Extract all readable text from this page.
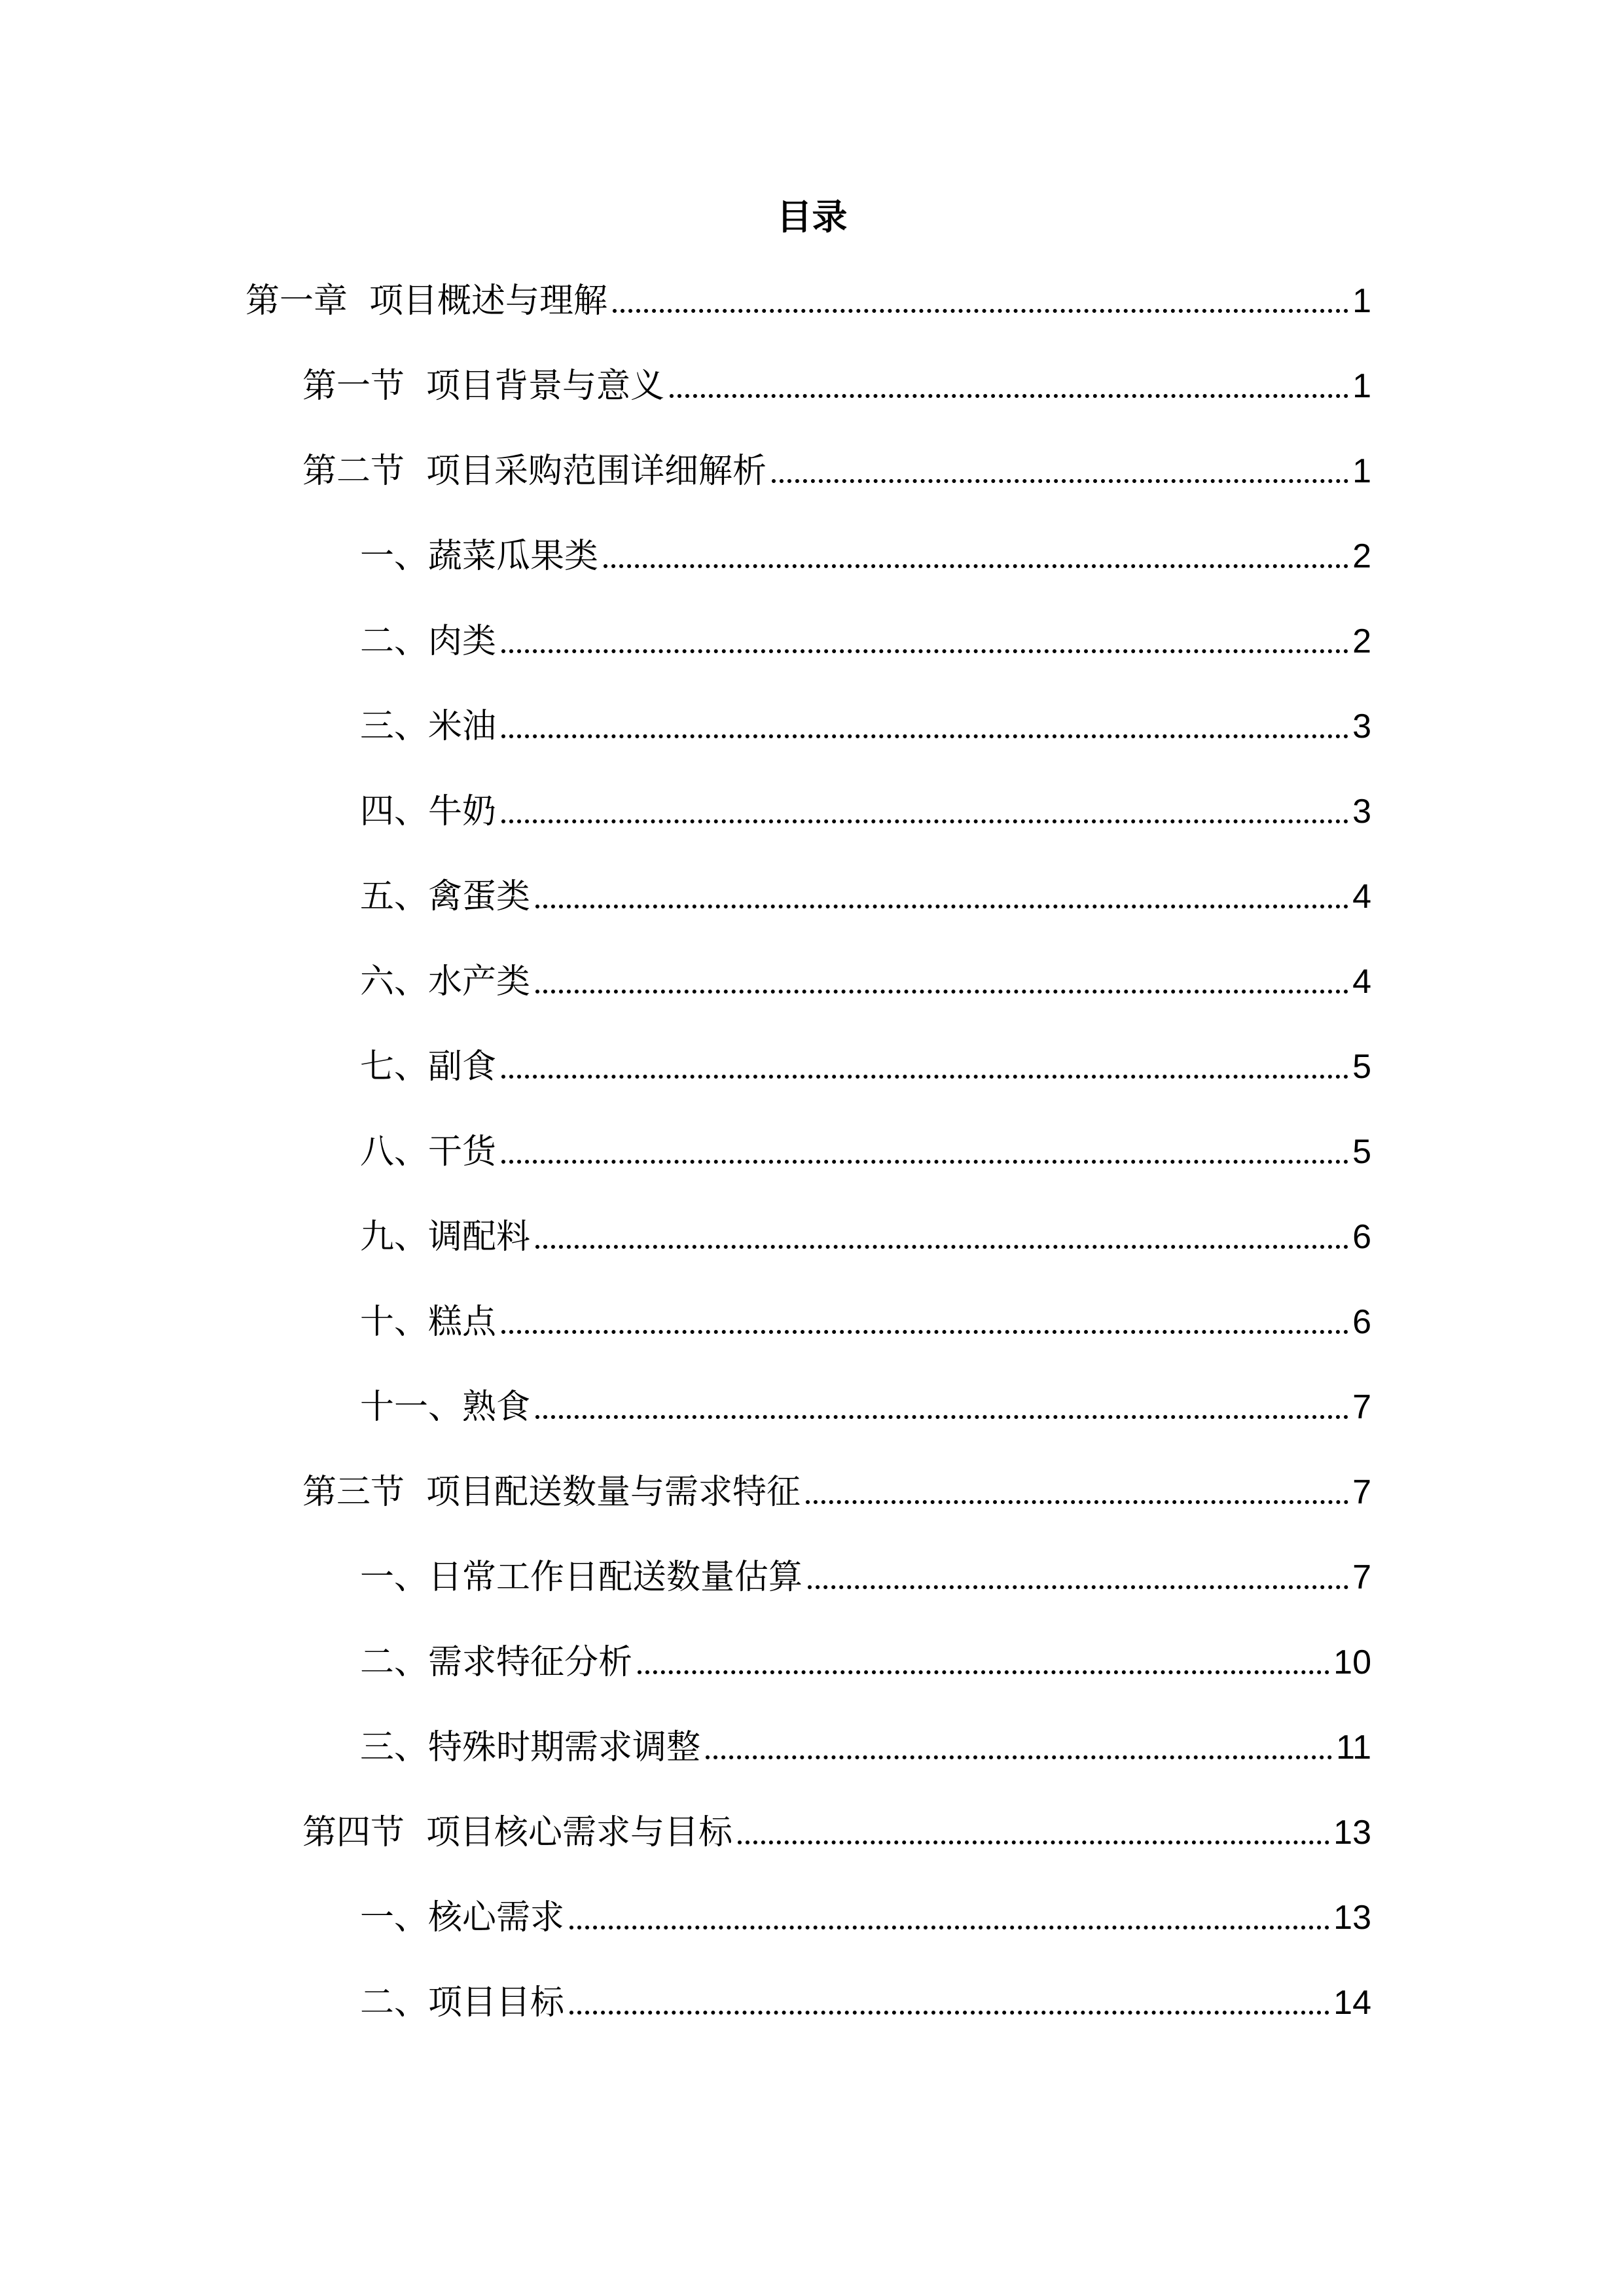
目录
第一章  项目概述与理解	1
第一节  项目背景与意义	1
第二节  项目采购范围详细解析	1
一、蔬菜瓜果类	2
二、肉类	2
三、米油	3
四、牛奶	3
五、禽蛋类	4
六、水产类	4
七、副食	5
八、干货	5
九、调配料	6
十、糕点	6
十一、熟食	7
第三节  项目配送数量与需求特征	7
一、日常工作日配送数量估算	7
二、需求特征分析	10
三、特殊时期需求调整	11
第四节  项目核心需求与目标	13
一、核心需求	13
二、项目目标	14
